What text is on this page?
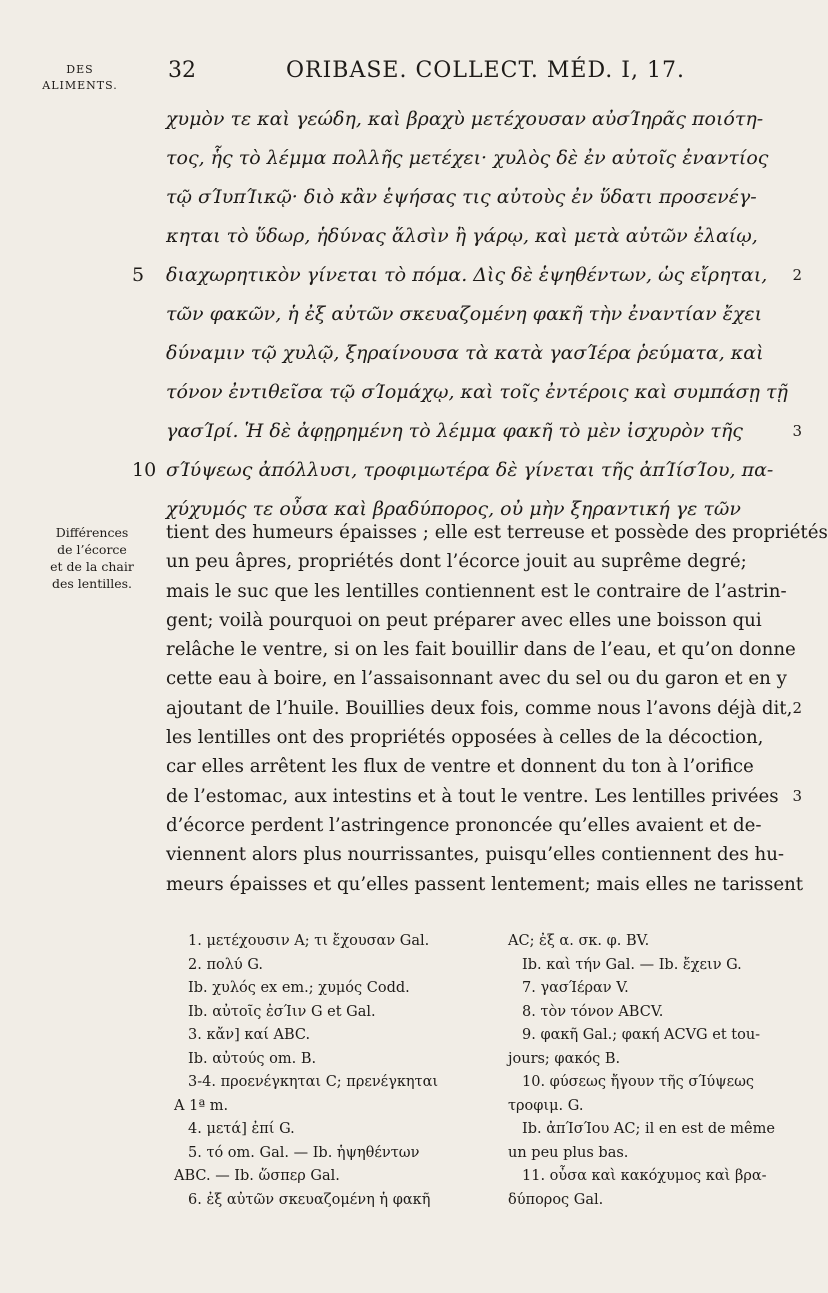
DES
ALIMENTS.
32	ORIBASE. COLLECT. MÉD. I, 17.
χυμὸν τε καὶ γεώδη, καὶ βραχὺ μετέχουσαν αὐσΊηρᾶς ποιότη-
τος, ἧς τὸ λέμμα πολλῆς μετέχει· χυλὸς δὲ ἐν αὐτοῖς ἐναντίος
τῷ σΊυπΊικῷ· διὸ κἂν ἑψήσας τις αὐτοὺς ἐν ὕδατι προσενέγ-
κηται τὸ ὕδωρ, ἡδύνας ἅλσὶν ἢ γάρῳ, καὶ μετὰ αὐτῶν ἐλαίῳ,
5 διαχωρητικὸν γίνεται τὸ πόμα. Δὶς δὲ ἑψηθέντων, ὡς εἴρηται, 2
τῶν φακῶν, ἡ ἐξ αὐτῶν σκευαζομένη φακῆ τὴν ἐναντίαν ἔχει
δύναμιν τῷ χυλῷ, ξηραίνουσα τὰ κατὰ γασΊέρα ῥεύματα, καὶ
τόνον ἐντιθεῖσα τῷ σΊομάχῳ, καὶ τοῖς ἐντέροις καὶ συμπάσῃ τῇ
γασΊρί. Ἡ δὲ ἀφῃρημένη τὸ λέμμα φακῆ τὸ μὲν ἰσχυρὸν τῆς	3
10 σΊύψεως ἀπόλλυσι, τροφιμωτέρα δὲ γίνεται τῆς ἀπΊίσΊου, πα-
χύχυμός τε οὖσα καὶ βραδύπορος, οὐ μὴν ξηραντική γε τῶν
Différences
de l’écorce
et de la chair
des lentilles.
tient des humeurs épaisses ; elle est terreuse et possède des propriétés
un peu âpres, propriétés dont l’écorce jouit au suprême degré;
mais le suc que les lentilles contiennent est le contraire de l’astrin-
gent; voilà pourquoi on peut préparer avec elles une boisson qui
relâche le ventre, si on les fait bouillir dans de l’eau, et qu’on donne
cette eau à boire, en l’assaisonnant avec du sel ou du garon et en y
ajoutant de l’huile. Bouillies deux fois, comme nous l’avons déjà dit, 2
les lentilles ont des propriétés opposées à celles de la décoction,
car elles arrêtent les flux de ventre et donnent du ton à l’orifice
de l’estomac, aux intestins et à tout le ventre. Les lentilles privées 3
d’écorce perdent l’astringence prononcée qu’elles avaient et de-
viennent alors plus nourrissantes, puisqu’elles contiennent des hu-
meurs épaisses et qu’elles passent lentement; mais elles ne tarissent
1. μετέχουσιν A; τι ἔχουσαν Gal.
2. πολύ G.
Ib. χυλός ex em.; χυμός Codd.
Ib. αὐτοῖς ἐσΊιν G et Gal.
3. κἄν] καί ABC.
Ib. αὐτούς om. B.
3-4. προενέγκηται C; πρενέγκηται
A 1ª m.
4. μετά] ἐπί G.
5. τό om. Gal. — Ib. ἡψηθέντων
ABC. — Ib. ὥσπερ Gal.
6. ἐξ αὐτῶν σκευαζομένη ἡ φακῆ
AC; ἐξ α. σκ. φ. BV.
Ib. καὶ τήν Gal. — Ib. ἔχειν G.
7. γασΊέραν V.
8. τὸν τόνον ABCV.
9. φακῆ Gal.; φακή ACVG et tou-
jours; φακός B.
10. φύσεως ἤγουν τῆς σΊύψεως
τροφιμ. G.
Ib. ἀπΊσΊου AC; il en est de même
un peu plus bas.
11. οὖσα καὶ κακόχυμος καὶ βρα-
δύπορος Gal.
